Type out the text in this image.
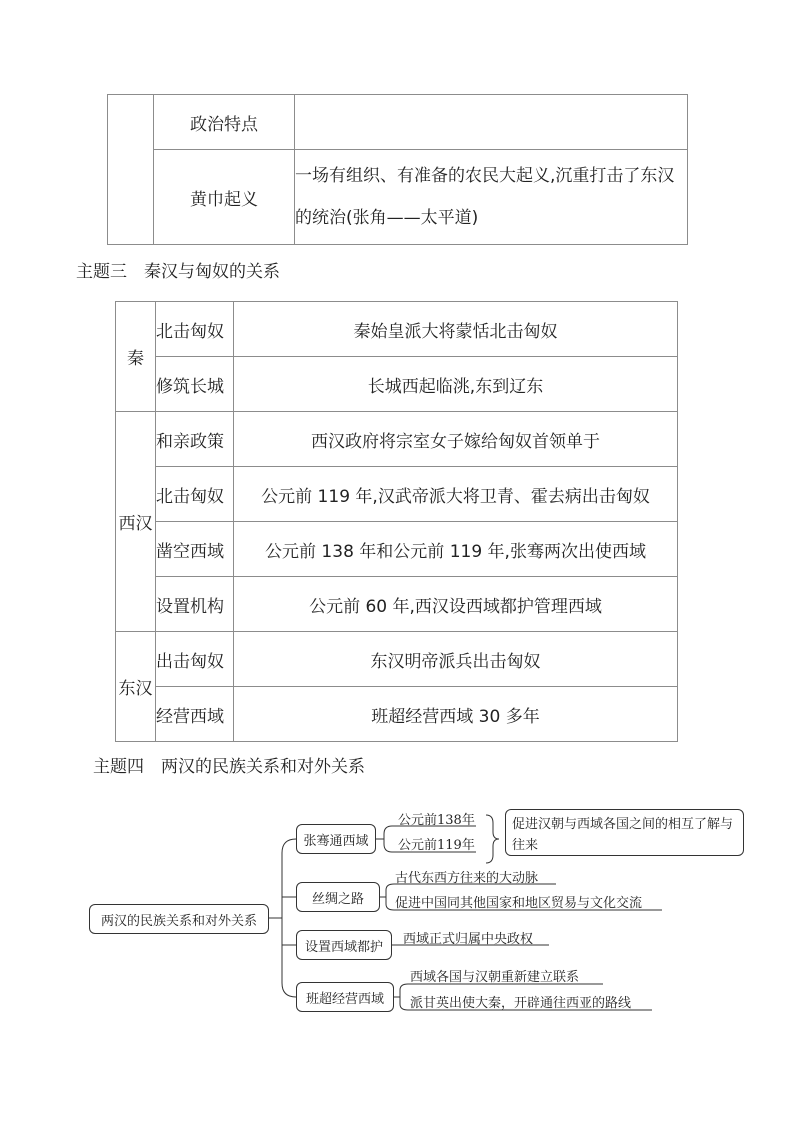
	政治特点	
	黄巾起义	一场有组织、有准备的农民大起义,沉重打击了东汉的统治(张角——太平道)
主题三　秦汉与匈奴的关系
秦	北击匈奴	秦始皇派大将蒙恬北击匈奴
	修筑长城	长城西起临洮,东到辽东
西汉	和亲政策	西汉政府将宗室女子嫁给匈奴首领单于
	北击匈奴	公元前 119 年,汉武帝派大将卫青、霍去病出击匈奴
	凿空西域	公元前 138 年和公元前 119 年,张骞两次出使西域
	设置机构	公元前 60 年,西汉设西域都护管理西域
东汉	出击匈奴	东汉明帝派兵出击匈奴
	经营西域	班超经营西域 30 多年
主题四　两汉的民族关系和对外关系
两汉的民族关系和对外关系
张骞通西域
公元前138年
公元前119年
促进汉朝与西域各国之间的相互了解与往来
丝绸之路
古代东西方往来的大动脉
促进中国同其他国家和地区贸易与文化交流
设置西域都护	西域正式归属中央政权
班超经营西域
西域各国与汉朝重新建立联系
派甘英出使大秦，开辟通往西亚的路线
